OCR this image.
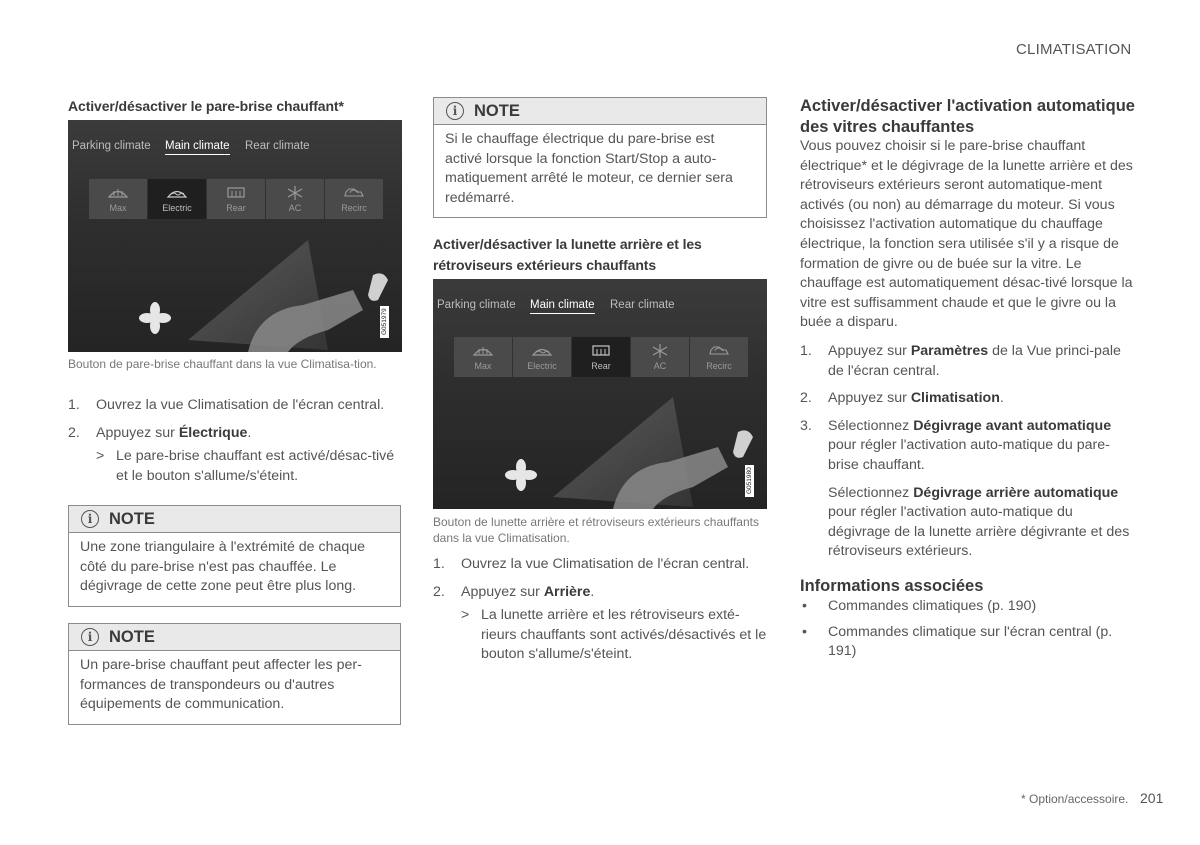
CLIMATISATION
Activer/désactiver le pare-brise chauffant*
Parking climate Main climate Rear climate
Max	Electric	Rear	AC	Recirc
G051979
Bouton de pare-brise chauffant dans la vue Climatisa-tion.
1. Ouvrez la vue Climatisation de l'écran central.
2. Appuyez sur Électrique.
> Le pare-brise chauffant est activé/désac-tivé et le bouton s'allume/s'éteint.
i	NOTE
Une zone triangulaire à l'extrémité de chaque côté du pare-brise n'est pas chauffée. Le dégivrage de cette zone peut être plus long.
i	NOTE
Un pare-brise chauffant peut affecter les per-formances de transpondeurs ou d'autres équipements de communication.
i	NOTE
Si le chauffage électrique du pare-brise est activé lorsque la fonction Start/Stop a auto-matiquement arrêté le moteur, ce dernier sera redémarré.
Activer/désactiver la lunette arrière et les rétroviseurs extérieurs chauffants
Parking climate Main climate Rear climate
Max	Electric	Rear	AC	Recirc
G051980
Bouton de lunette arrière et rétroviseurs extérieurs chauffants dans la vue Climatisation.
1. Ouvrez la vue Climatisation de l'écran central.
2. Appuyez sur Arrière.
> La lunette arrière et les rétroviseurs exté-rieurs chauffants sont activés/désactivés et le bouton s'allume/s'éteint.
Activer/désactiver l'activation automatique des vitres chauffantes
Vous pouvez choisir si le pare-brise chauffant électrique* et le dégivrage de la lunette arrière et des rétroviseurs extérieurs seront automatique-ment activés (ou non) au démarrage du moteur. Si vous choisissez l'activation automatique du chauffage électrique, la fonction sera utilisée s'il y a risque de formation de givre ou de buée sur la vitre. Le chauffage est automatiquement désac-tivé lorsque la vitre est suffisamment chaude et que le givre ou la buée a disparu.
1. Appuyez sur Paramètres de la Vue princi-pale de l'écran central.
2. Appuyez sur Climatisation.
3. Sélectionnez Dégivrage avant automatique pour régler l'activation auto-matique du pare-brise chauffant.
Sélectionnez Dégivrage arrière automatique pour régler l'activation auto-matique du dégivrage de la lunette arrière dégivrante et des rétroviseurs extérieurs.
Informations associées
• Commandes climatiques (p. 190)
• Commandes climatique sur l'écran central (p. 191)
* Option/accessoire. 201
